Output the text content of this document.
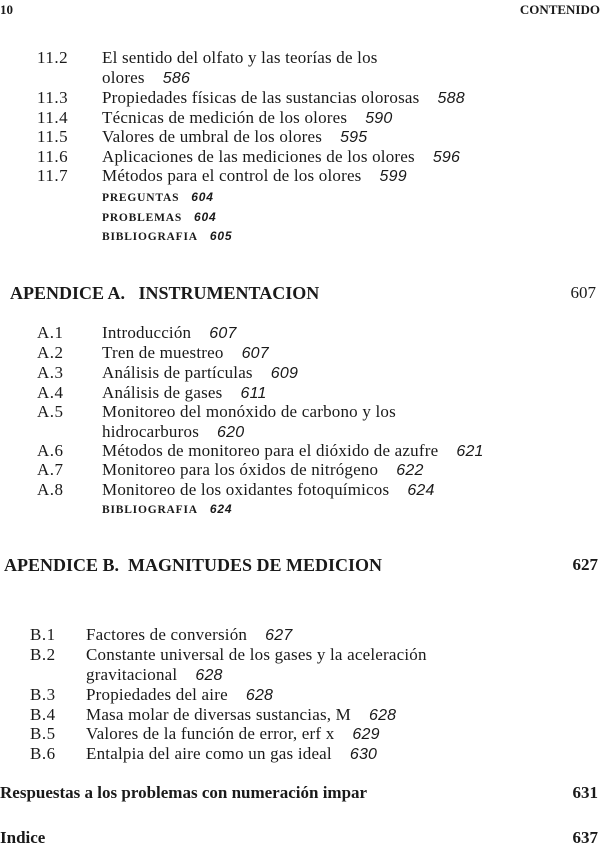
10	CONTENIDO
11.2 El sentido del olfato y las teorías de los
olores 586
11.3 Propiedades físicas de las sustancias olorosas 588
11.4 Técnicas de medición de los olores 590
11.5 Valores de umbral de los olores 595
11.6 Aplicaciones de las mediciones de los olores 596
11.7 Métodos para el control de los olores 599
PREGUNTAS 604
PROBLEMAS 604
BIBLIOGRAFIA 605
APENDICE A.   INSTRUMENTACION	607
A.1 Introducción 607
A.2 Tren de muestreo 607
A.3 Análisis de partículas 609
A.4 Análisis de gases 611
A.5 Monitoreo del monóxido de carbono y los
hidrocarburos 620
A.6 Métodos de monitoreo para el dióxido de azufre 621
A.7 Monitoreo para los óxidos de nitrógeno 622
A.8 Monitoreo de los oxidantes fotoquímicos 624
BIBLIOGRAFIA 624
APENDICE B.  MAGNITUDES DE MEDICION	627
B.1 Factores de conversión 627
B.2 Constante universal de los gases y la aceleración
gravitacional 628
B.3 Propiedades del aire 628
B.4 Masa molar de diversas sustancias, M 628
B.5 Valores de la función de error, erf x 629
B.6 Entalpia del aire como un gas ideal 630
Respuestas a los problemas con numeración impar	631
Indice	637
